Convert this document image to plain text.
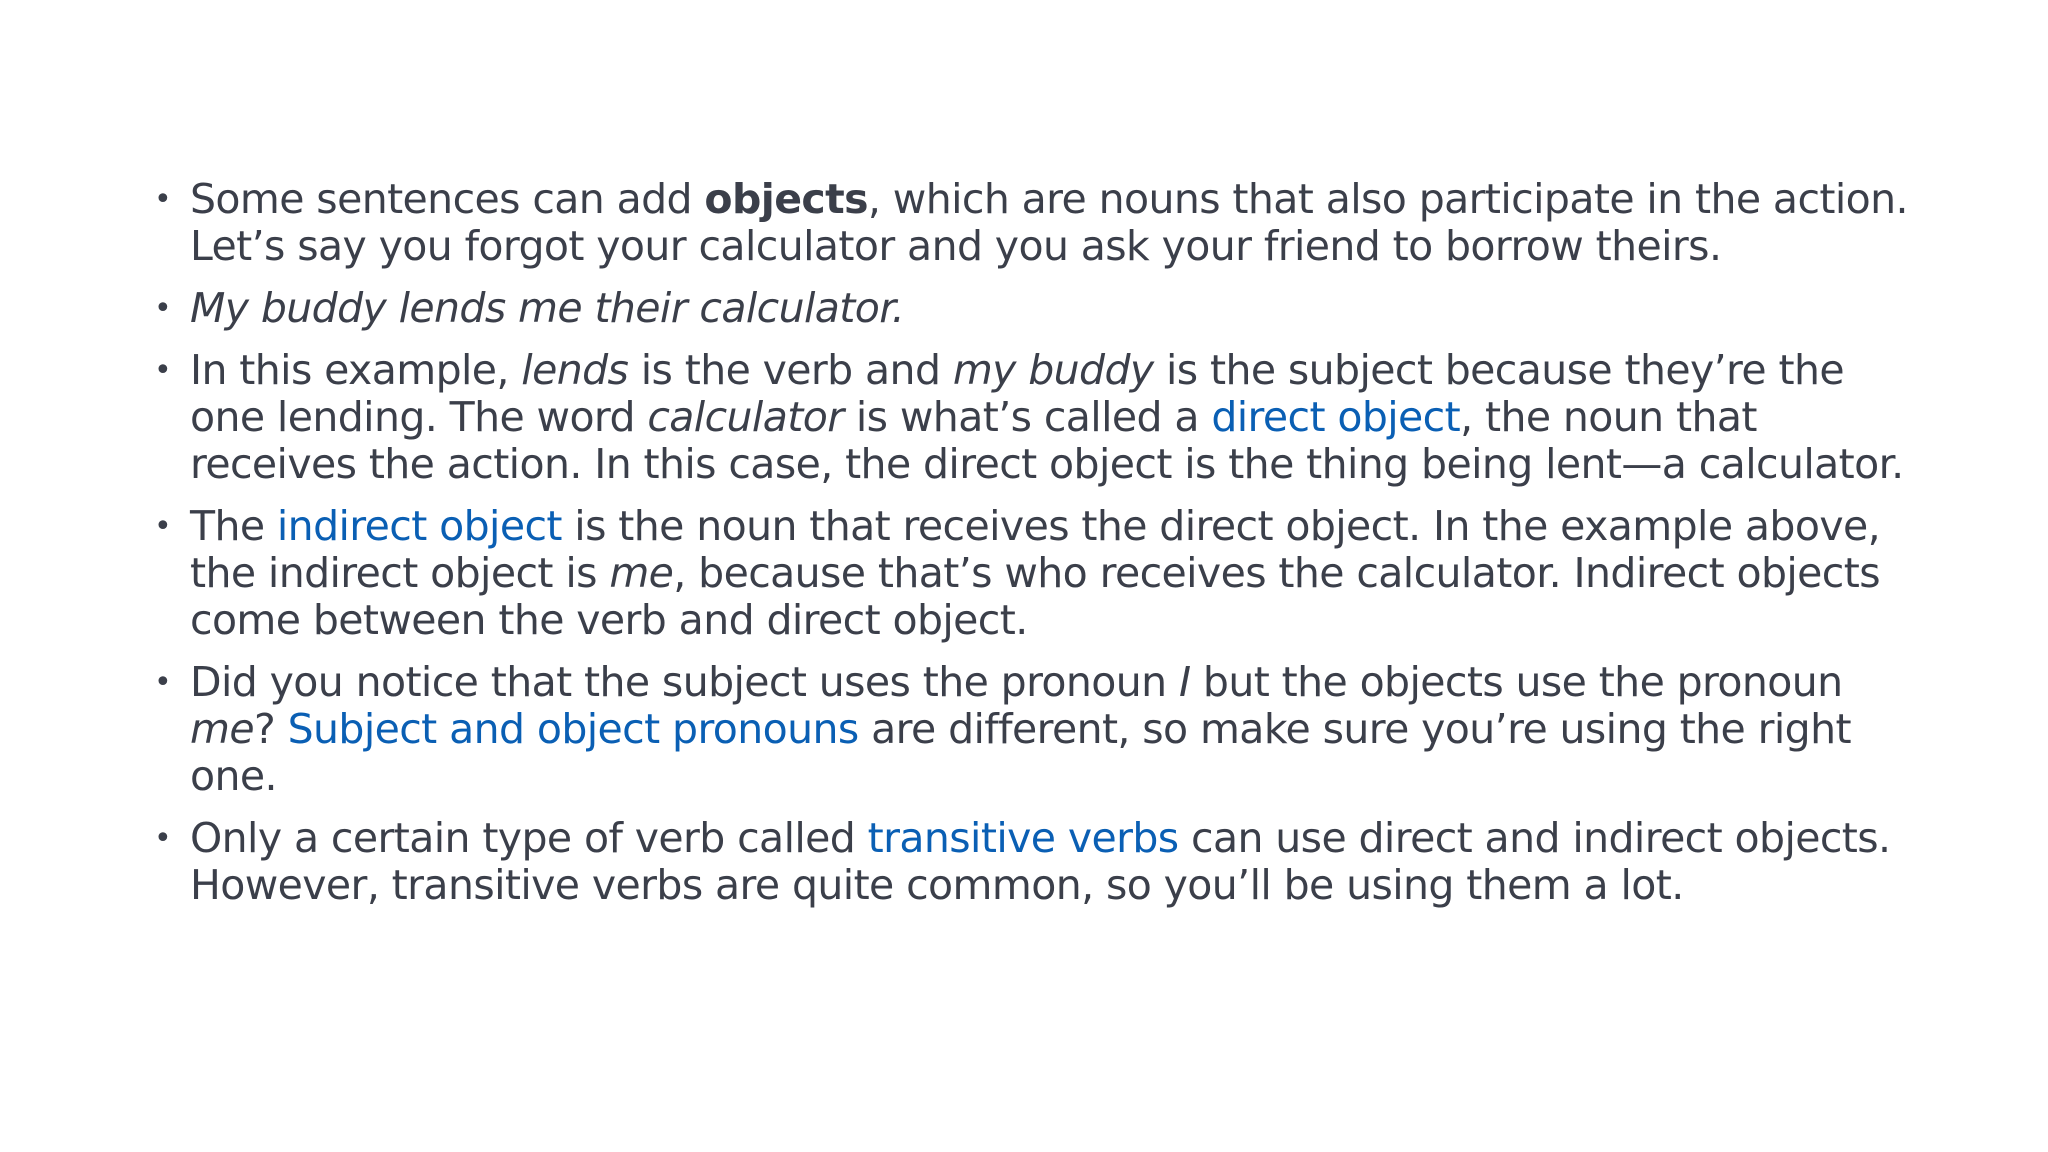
• Some sentences can add objects, which are nouns that also participate in the action. Let’s say you forgot your calculator and you ask your friend to borrow theirs.
• My buddy lends me their calculator.
• In this example, lends is the verb and my buddy is the subject because they’re the one lending. The word calculator is what’s called a direct object, the noun that receives the action. In this case, the direct object is the thing being lent—a calculator.
• The indirect object is the noun that receives the direct object. In the example above, the indirect object is me, because that’s who receives the calculator. Indirect objects come between the verb and direct object.
• Did you notice that the subject uses the pronoun I but the objects use the pronoun me? Subject and object pronouns are different, so make sure you’re using the right one.
• Only a certain type of verb called transitive verbs can use direct and indirect objects. However, transitive verbs are quite common, so you’ll be using them a lot.
